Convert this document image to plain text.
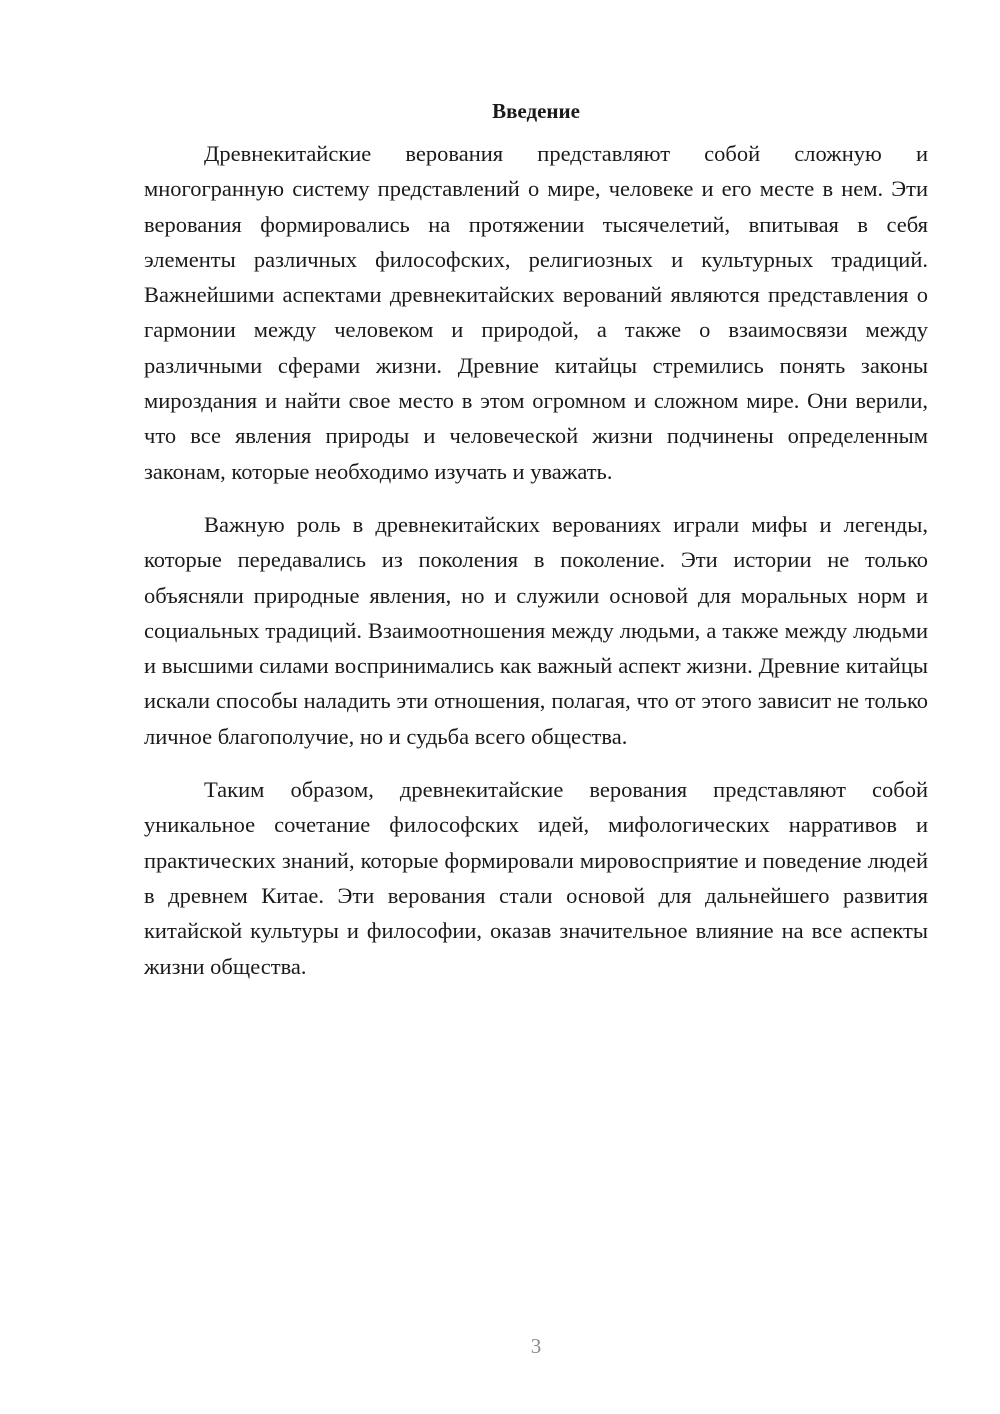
Введение

Древнекитайские верования представляют собой сложную и многогранную систему представлений о мире, человеке и его месте в нем. Эти верования формировались на протяжении тысячелетий, впитывая в себя элементы различных философских, религиозных и культурных традиций. Важнейшими аспектами древнекитайских верований являются представления о гармонии между человеком и природой, а также о взаимосвязи между различными сферами жизни. Древние китайцы стремились понять законы мироздания и найти свое место в этом огромном и сложном мире. Они верили, что все явления природы и человеческой жизни подчинены определенным законам, которые необходимо изучать и уважать.

Важную роль в древнекитайских верованиях играли мифы и легенды, которые передавались из поколения в поколение. Эти истории не только объясняли природные явления, но и служили основой для моральных норм и социальных традиций. Взаимоотношения между людьми, а также между людьми и высшими силами воспринимались как важный аспект жизни. Древние китайцы искали способы наладить эти отношения, полагая, что от этого зависит не только личное благополучие, но и судьба всего общества.

Таким образом, древнекитайские верования представляют собой уникальное сочетание философских идей, мифологических нарративов и практических знаний, которые формировали мировосприятие и поведение людей в древнем Китае. Эти верования стали основой для дальнейшего развития китайской культуры и философии, оказав значительное влияние на все аспекты жизни общества.

3
